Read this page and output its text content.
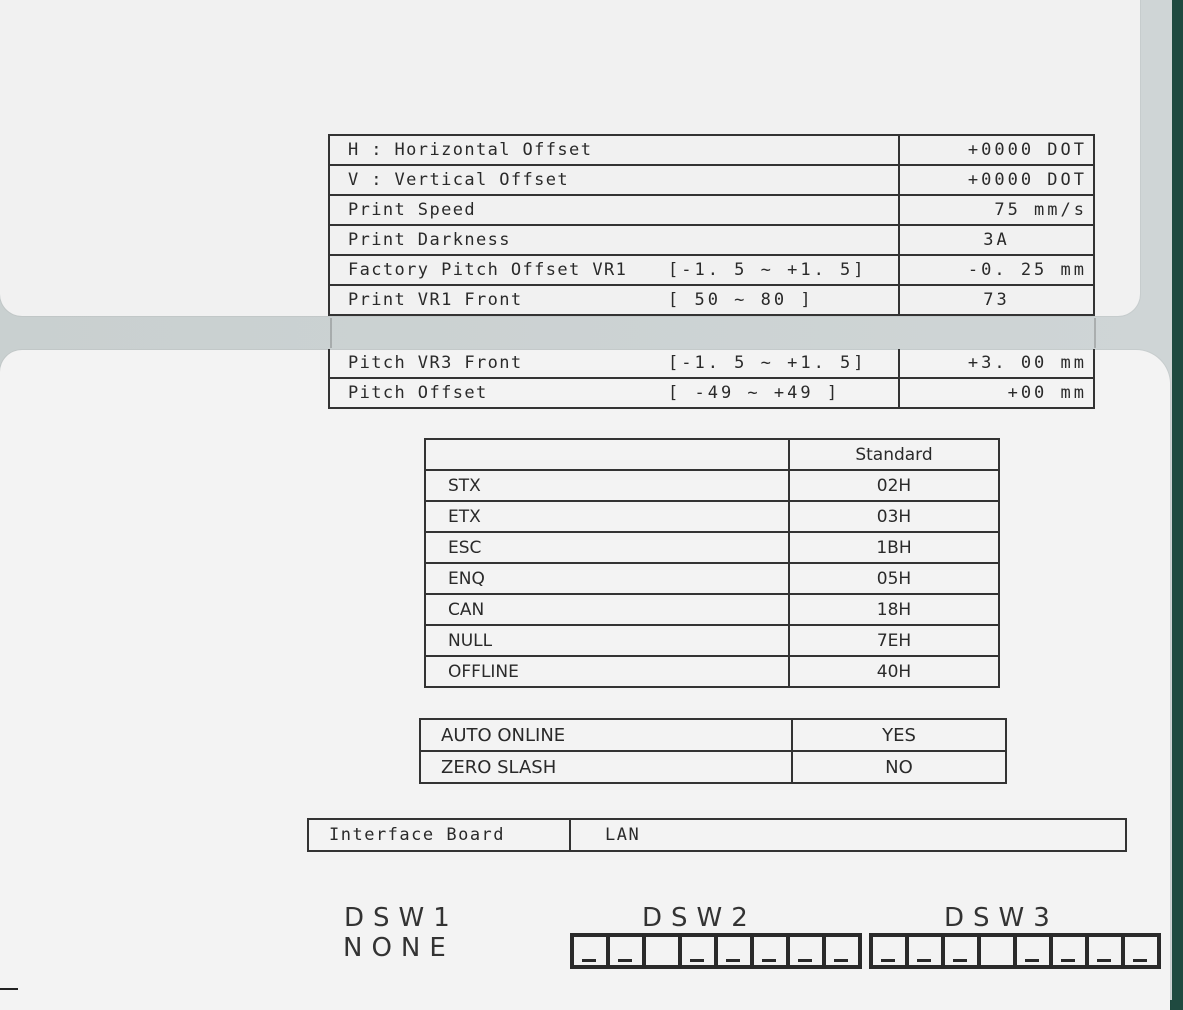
H : Horizontal Offset		+0000 DOT
V : Vertical Offset		+0000 DOT
Print Speed		75 mm/s
Print Darkness		3A
Factory Pitch Offset VR1	[-1. 5 ~ +1. 5]	-0. 25 mm
Print VR1 Front	[ 50 ~ 80 ]	73
Pitch VR3 Front	[-1. 5 ~ +1. 5]	+3. 00 mm
Pitch Offset	[ -49 ~ +49 ]	+00 mm
	Standard
STX	02H
ETX	03H
ESC	1BH
ENQ	05H
CAN	18H
NULL	7EH
OFFLINE	40H
AUTO ONLINE	YES
ZERO SLASH	NO
Interface Board	LAN
DSW1
NONE
DSW2	DSW3
